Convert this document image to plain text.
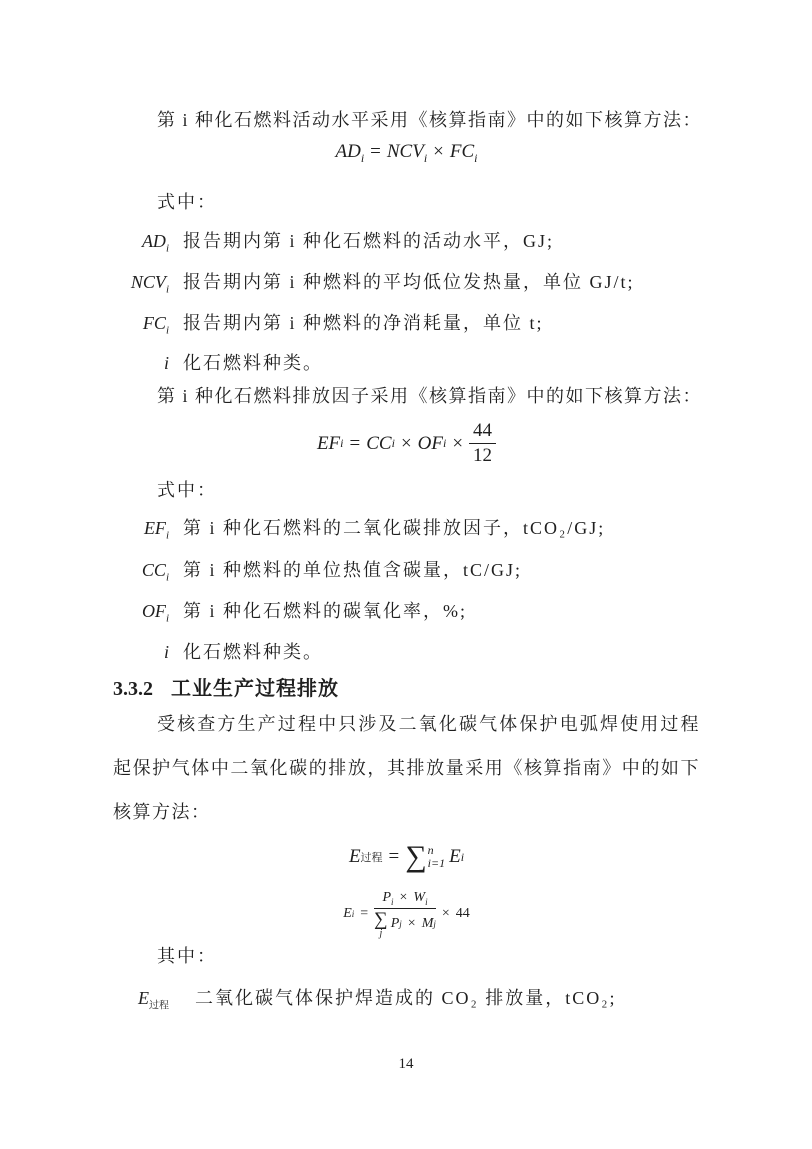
第 i 种化石燃料活动水平采用《核算指南》中的如下核算方法：
$AD_i = NCV_i \times FC_i$
式中：
$AD_i$ 报告期内第 i 种化石燃料的活动水平，GJ;
$NCV_i$ 报告期内第 i 种燃料的平均低位发热量，单位 GJ/t;
$FC_i$ 报告期内第 i 种燃料的净消耗量，单位 t;
i 化石燃料种类。
第 i 种化石燃料排放因子采用《核算指南》中的如下核算方法：
EF i = CC i × OF $i \times \frac{44}{12}$
式中：
$EF_i$ 第 i 种化石燃料的二氧化碳排放因子，tCO₂/GJ;
$CC_i$ 第 i 种燃料的单位热值含碳量，tC/GJ;
$OF_i$ 第 i 种化石燃料的碳氧化率，%;
i 化石燃料种类。
3.3.2 工业生产过程排放
受核查方生产过程中只涉及二氧化碳气体保护电弧焊使用过程起保护气体中二氧化碳的排放，其排放量采用《核算指南》中的如下核算方法：
E 过程 = ∑ n
i=1 E i
E $i = P_i \times W_i$
∑
j
P j × M j × 44
其中：
$E_{过程}$ 二氧化碳气体保护焊造成的 CO₂ 排放量，tCO₂;
14
